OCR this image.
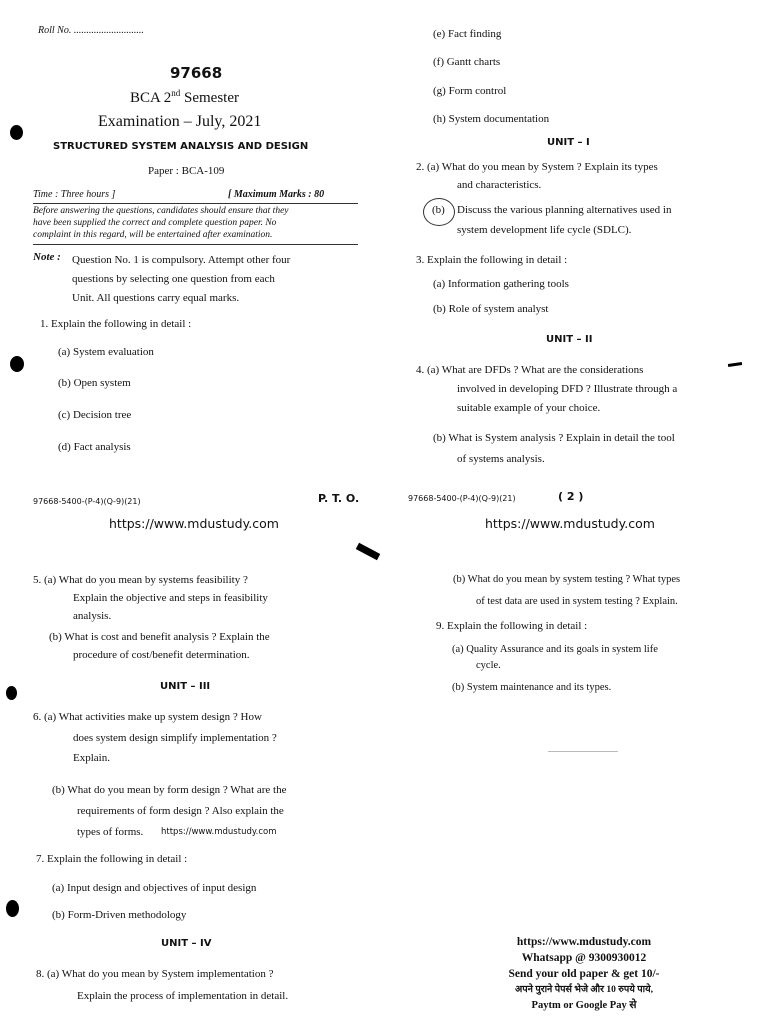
Roll No. ............................
97668
BCA 2nd Semester
Examination – July, 2021
STRUCTURED SYSTEM ANALYSIS AND DESIGN
Paper : BCA-109
Time : Three hours ]	[ Maximum Marks : 80
Before answering the questions, candidates should ensure that they
have been supplied the correct and complete question paper. No
complaint in this regard, will be entertained after examination.
Note : Question No. 1 is compulsory. Attempt other four
questions by selecting one question from each
Unit. All questions carry equal marks.
1. Explain the following in detail :
(a) System evaluation
(b) Open system
(c) Decision tree
(d) Fact analysis
97668-5400-(P-4)(Q-9)(21)	P. T. O.
https://www.mdustudy.com
(e) Fact finding
(f) Gantt charts
(g) Form control
(h) System documentation
UNIT – I
2. (a) What do you mean by System ? Explain its types
and characteristics.
(b) Discuss the various planning alternatives used in
system development life cycle (SDLC).
3. Explain the following in detail :
(a) Information gathering tools
(b) Role of system analyst
UNIT – II
4. (a) What are DFDs ? What are the considerations
involved in developing DFD ? Illustrate through a
suitable example of your choice.
(b) What is System analysis ? Explain in detail the tool
of systems analysis.
97668-5400-(P-4)(Q-9)(21)	( 2 )
https://www.mdustudy.com
5. (a) What do you mean by systems feasibility ?
Explain the objective and steps in feasibility
analysis.
(b) What is cost and benefit analysis ? Explain the
procedure of cost/benefit determination.
UNIT – III
6. (a) What activities make up system design ? How
does system design simplify implementation ?
Explain.
(b) What do you mean by form design ? What are the
requirements of form design ? Also explain the
types of forms. https://www.mdustudy.com
7. Explain the following in detail :
(a) Input design and objectives of input design
(b) Form-Driven methodology
UNIT – IV
8. (a) What do you mean by System implementation ?
Explain the process of implementation in detail.
(b) What do you mean by system testing ? What types
of test data are used in system testing ? Explain.
9. Explain the following in detail :
(a) Quality Assurance and its goals in system life
cycle.
(b) System maintenance and its types.
https://www.mdustudy.com
Whatsapp @ 9300930012
Send your old paper & get 10/-
अपने पुराने पेपर्स भेजे और 10 रुपये पाये,
Paytm or Google Pay से
